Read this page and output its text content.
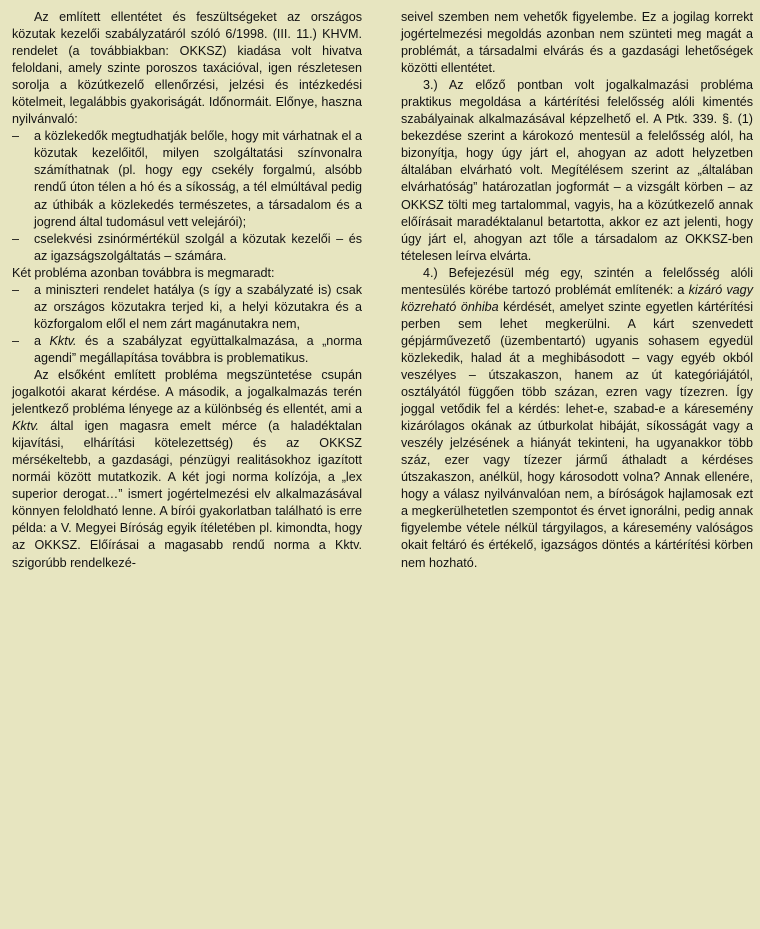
Az említett ellentétet és feszültségeket az országos közutak kezelői szabályzatáról szóló 6/1998. (III. 11.) KHVM. rendelet (a továbbiakban: OKKSZ) kiadása volt hivatva feloldani, amely szinte poroszos taxációval, igen részletesen sorolja a közútkezelő ellenőrzési, jelzési és intézkedési kötelmeit, legalábbis gyakoriságát. Időnormáit. Előnye, haszna nyilvánvaló:

–a közlekedők megtudhatják belőle, hogy mit várhatnak el a közutak kezelőitől, milyen szolgáltatási színvonalra számíthatnak (pl. hogy egy csekély forgalmú, alsóbb rendű úton télen a hó és a síkosság, a tél elmúltával pedig az úthibák a közlekedés természetes, a társadalom és a jogrend által tudomásul vett velejárói);

–cselekvési zsinórmértékül szolgál a közutak kezelői – és az igazságszolgáltatás – számára.

Két probléma azonban továbbra is megmaradt:

–a miniszteri rendelet hatálya (s így a szabályzaté is) csak az országos közutakra terjed ki, a helyi közutakra és a közforgalom elől el nem zárt magánutakra nem,

–a Kktv. és a szabályzat együttalkalmazása, a „norma agendi” megállapítása továbbra is problematikus.

Az elsőként említett probléma megszüntetése csupán jogalkotói akarat kérdése. A második, a jogalkalmazás terén jelentkező probléma lényege az a különbség és ellentét, ami a Kktv. által igen magasra emelt mérce (a haladéktalan kijavítási, elhárítási kötelezettség) és az OKKSZ mérsékeltebb, a gazdasági, pénzügyi realitásokhoz igazított normái között mutatkozik. A két jogi norma kolízója, a „lex superior derogat…” ismert jogértelmezési elv alkalmazásával könnyen feloldható lenne. A bírói gyakorlatban található is erre példa: a V. Megyei Bíróság egyik ítéletében pl. kimondta, hogy az OKKSZ. Előírásai a magasabb rendű norma a Kktv. szigorúbb rendelkezé-

seivel szemben nem vehetők figyelembe. Ez a jogilag korrekt jogértelmezési megoldás azonban nem szünteti meg magát a problémát, a társadalmi elvárás és a gazdasági lehetőségek közötti ellentétet.

3.) Az előző pontban volt jogalkalmazási probléma praktikus megoldása a kártérítési felelősség alóli kimentés szabályainak alkalmazásával képzelhető el. A Ptk. 339. §. (1) bekezdése szerint a károkozó mentesül a felelősség alól, ha bizonyítja, hogy úgy járt el, ahogyan az adott helyzetben általában elvárható volt. Megítélésem szerint az „általában elvárhatóság” határozatlan jogformát – a vizsgált körben – az OKKSZ tölti meg tartalommal, vagyis, ha a közútkezelő annak előírásait maradéktalanul betartotta, akkor ez azt jelenti, hogy úgy járt el, ahogyan azt tőle a társadalom az OKKSZ-ben tételesen leírva elvárta.

4.) Befejezésül még egy, szintén a felelősség alóli mentesülés körébe tartozó problémát említenék: a kizáró vagy közreható önhiba kérdését, amelyet szinte egyetlen kártérítési perben sem lehet megkerülni. A kárt szenvedett gépjárművezető (üzembentartó) ugyanis sohasem egyedül közlekedik, halad át a meghibásodott – vagy egyéb okból veszélyes – útszakaszon, hanem az út kategóriájától, osztályától függően több százan, ezren vagy tízezren. Így joggal vetődik fel a kérdés: lehet-e, szabad-e a káresemény kizárólagos okának az útburkolat hibáját, síkosságát vagy a veszély jelzésének a hiányát tekinteni, ha ugyanakkor több száz, ezer vagy tízezer jármű áthaladt a kérdéses útszakaszon, anélkül, hogy károsodott volna? Annak ellenére, hogy a válasz nyilvánvalóan nem, a bíróságok hajlamosak ezt a megkerülhetetlen szempontot és érvet ignorálni, pedig annak figyelembe vétele nélkül tárgyilagos, a káresemény valóságos okait feltáró és értékelő, igazságos döntés a kártérítési körben nem hozható.
